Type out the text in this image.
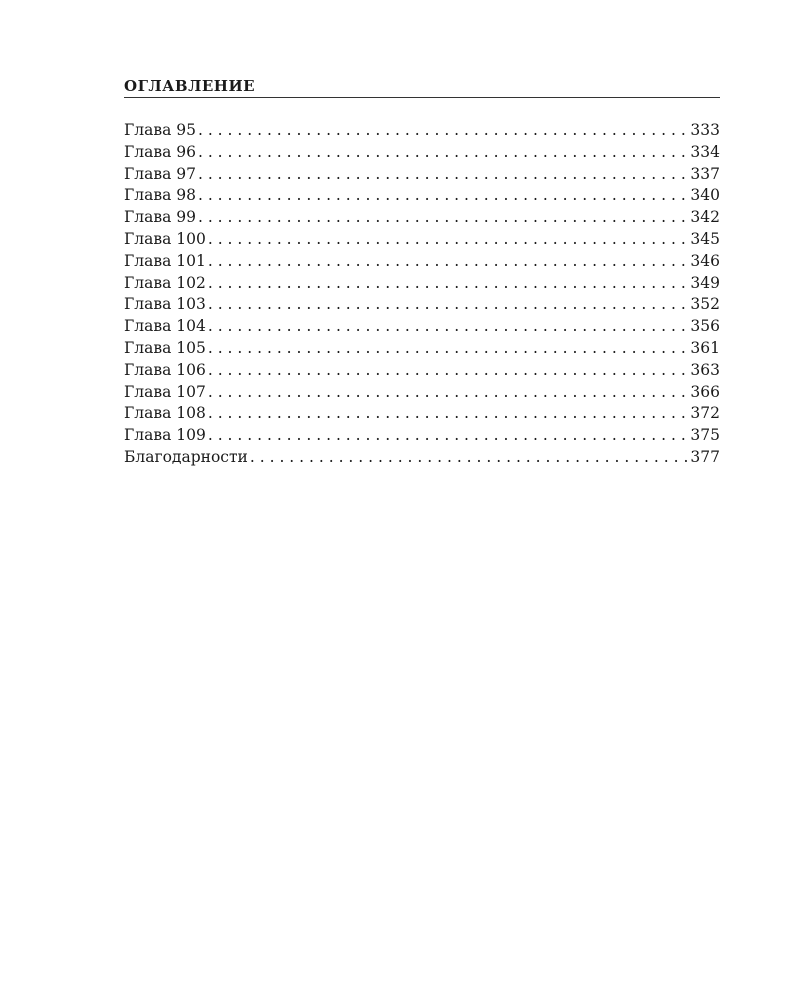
ОГЛАВЛЕНИЕ
Глава 95 . . .	333
Глава 96 . . .	334
Глава 97 . . .	337
Глава 98 . . .	340
Глава 99 . . .	342
Глава 100 . . .	345
Глава 101 . . .	346
Глава 102 . . .	349
Глава 103 . . .	352
Глава 104 . . .	356
Глава 105 . . .	361
Глава 106 . . .	363
Глава 107 . . .	366
Глава 108 . . .	372
Глава 109 . . .	375
Благодарности . . .	377
